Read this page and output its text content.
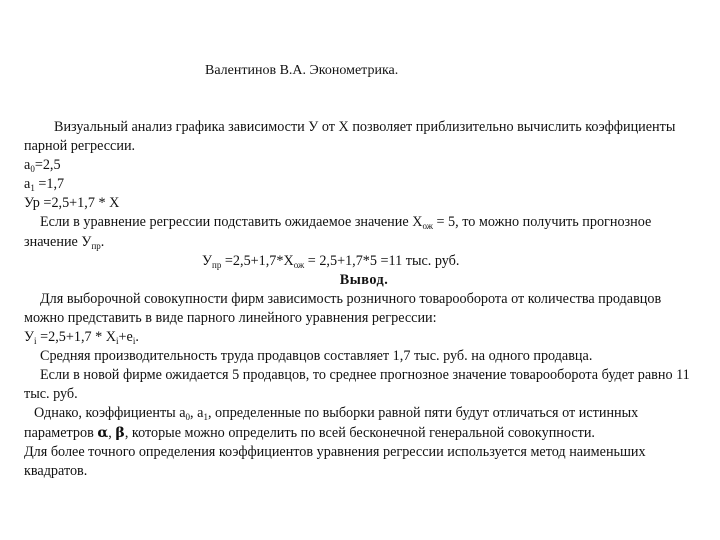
Валентинов В.А. Эконометрика.

Визуальный анализ графика зависимости У от Х позволяет приблизительно вычислить коэффициенты парной регрессии.

$a_0=2,5$

$a_1 =1,7$

Ур =2,5+1,7 * Х

Если в уравнение регрессии подставить ожидаемое значение $Х_{ож} = 5$, то можно получить прогнозное значение $У_{пр}$.

$У_{пр} =2,5+1,7*Х_{ож} = 2,5+1,7*5 =11$ тыс. руб.

Вывод.

Для выборочной совокупности фирм зависимость розничного товарооборота от количества продавцов можно представить в виде парного линейного уравнения регрессии:

$У_i =2,5+1,7 * Х_i+e_i$.

Средняя производительность труда продавцов составляет 1,7 тыс. руб. на одного продавца.

Если в новой фирме ожидается 5 продавцов, то среднее прогнозное значение товарооборота будет равно 11 тыс. руб.

Однако, коэффициенты $a_0$, $a_1$, определенные по выборки равной пяти будут отличаться от истинных параметров α, β, которые можно определить по всей бесконечной генеральной совокупности.

Для более точного определения коэффициентов уравнения регрессии используется метод наименьших квадратов.
